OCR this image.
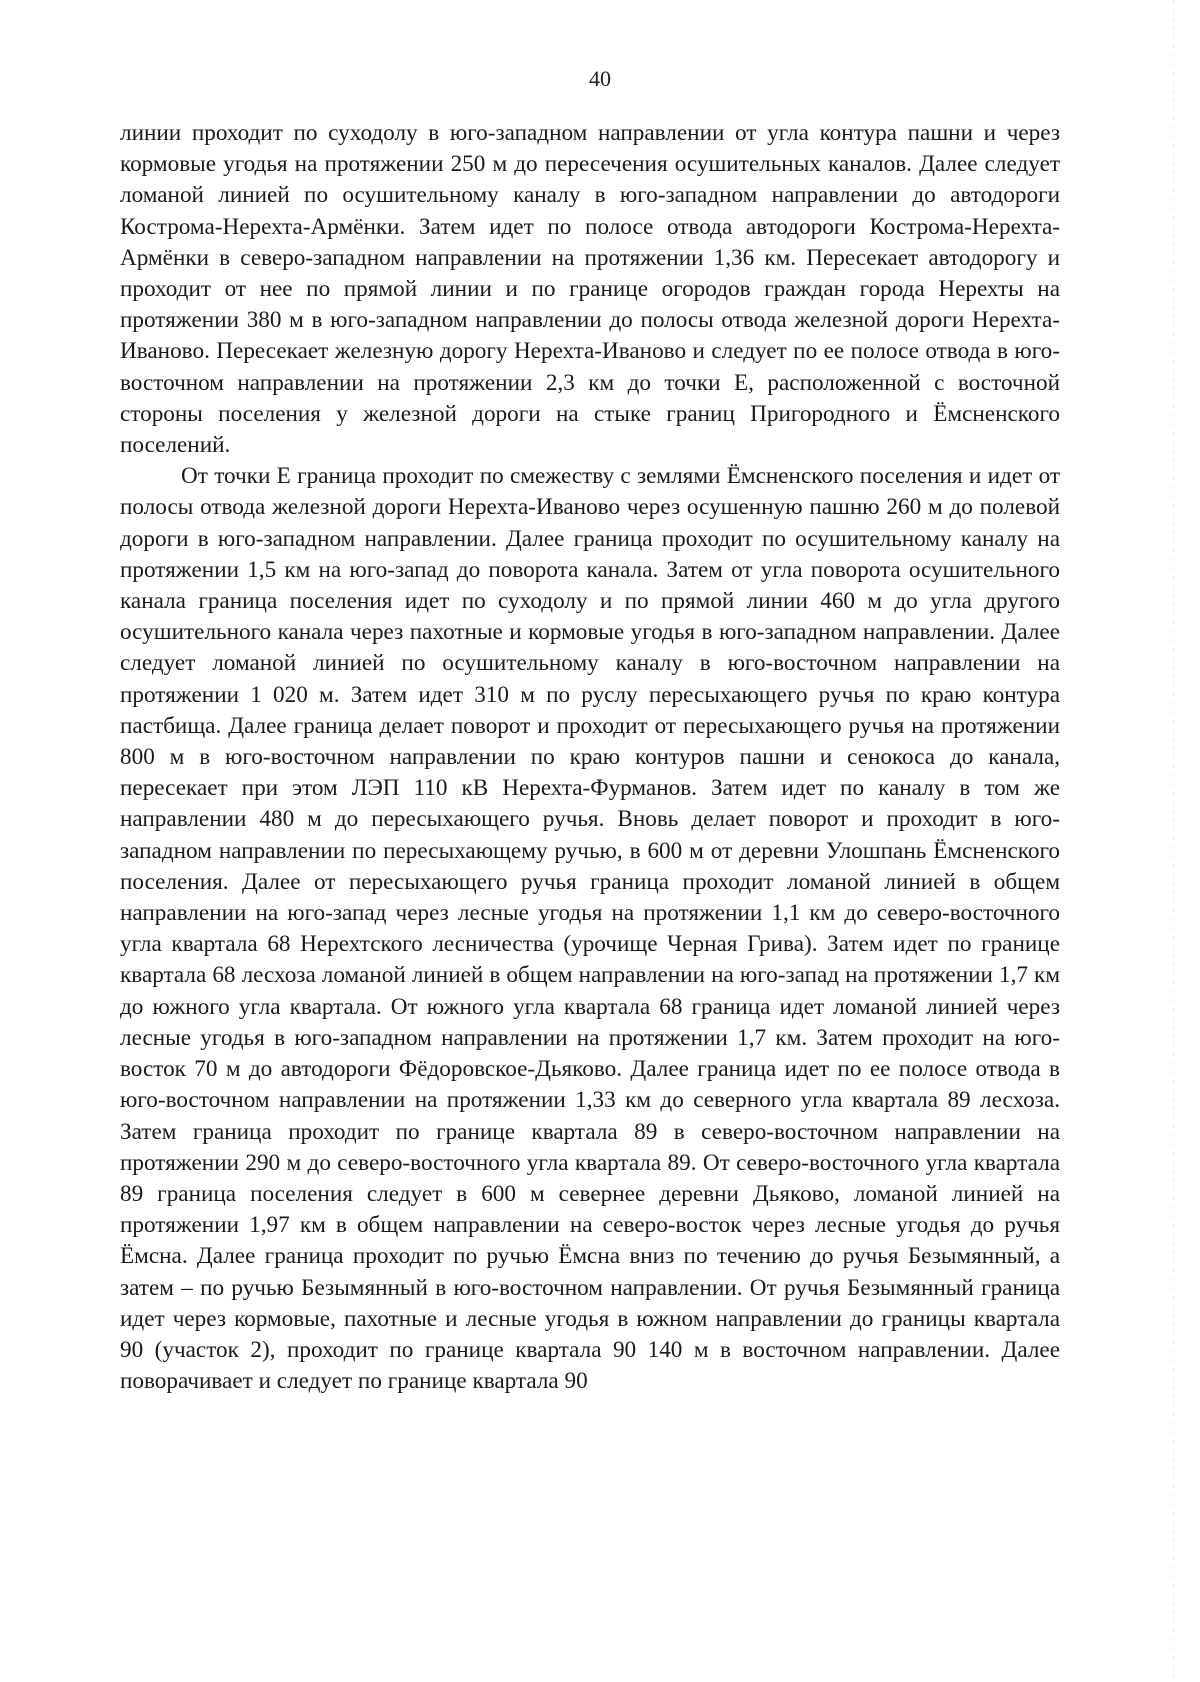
40

линии проходит по суходолу в юго-западном направлении от угла контура пашни и через кормовые угодья на протяжении 250 м до пересечения осушительных каналов. Далее следует ломаной линией по осушительному каналу в юго-западном направлении до автодороги Кострома-Нерехта-Армёнки. Затем идет по полосе отвода автодороги Кострома-Нерехта-Армёнки в северо-западном направлении на протяжении 1,36 км. Пересекает автодорогу и проходит от нее по прямой линии и по границе огородов граждан города Нерехты на протяжении 380 м в юго-западном направлении до полосы отвода железной дороги Нерехта-Иваново. Пересекает железную дорогу Нерехта-Иваново и следует по ее полосе отвода в юго-восточном направлении на протяжении 2,3 км до точки Е, расположенной с восточной стороны поселения у железной дороги на стыке границ Пригородного и Ёмсненского поселений.

От точки Е граница проходит по смежеству с землями Ёмсненского поселения и идет от полосы отвода железной дороги Нерехта-Иваново через осушенную пашню 260 м до полевой дороги в юго-западном направлении. Далее граница проходит по осушительному каналу на протяжении 1,5 км на юго-запад до поворота канала. Затем от угла поворота осушительного канала граница поселения идет по суходолу и по прямой линии 460 м до угла другого осушительного канала через пахотные и кормовые угодья в юго-западном направлении. Далее следует ломаной линией по осушительному каналу в юго-восточном направлении на протяжении 1 020 м. Затем идет 310 м по руслу пересыхающего ручья по краю контура пастбища. Далее граница делает поворот и проходит от пересыхающего ручья на протяжении 800 м в юго-восточном направлении по краю контуров пашни и сенокоса до канала, пересекает при этом ЛЭП 110 кВ Нерехта-Фурманов. Затем идет по каналу в том же направлении 480 м до пересыхающего ручья. Вновь делает поворот и проходит в юго-западном направлении по пересыхающему ручью, в 600 м от деревни Улошпань Ёмсненского поселения. Далее от пересыхающего ручья граница проходит ломаной линией в общем направлении на юго-запад через лесные угодья на протяжении 1,1 км до северо-восточного угла квартала 68 Нерехтского лесничества (урочище Черная Грива). Затем идет по границе квартала 68 лесхоза ломаной линией в общем направлении на юго-запад на протяжении 1,7 км до южного угла квартала. От южного угла квартала 68 граница идет ломаной линией через лесные угодья в юго-западном направлении на протяжении 1,7 км. Затем проходит на юго-восток 70 м до автодороги Фёдоровское-Дьяково. Далее граница идет по ее полосе отвода в юго-восточном направлении на протяжении 1,33 км до северного угла квартала 89 лесхоза. Затем граница проходит по границе квартала 89 в северо-восточном направлении на протяжении 290 м до северо-восточного угла квартала 89. От северо-восточного угла квартала 89 граница поселения следует в 600 м севернее деревни Дьяково, ломаной линией на протяжении 1,97 км в общем направлении на северо-восток через лесные угодья до ручья Ёмсна. Далее граница проходит по ручью Ёмсна вниз по течению до ручья Безымянный, а затем – по ручью Безымянный в юго-восточном направлении. От ручья Безымянный граница идет через кормовые, пахотные и лесные угодья в южном направлении до границы квартала 90 (участок 2), проходит по границе квартала 90 140 м в восточном направлении. Далее поворачивает и следует по границе квартала 90
